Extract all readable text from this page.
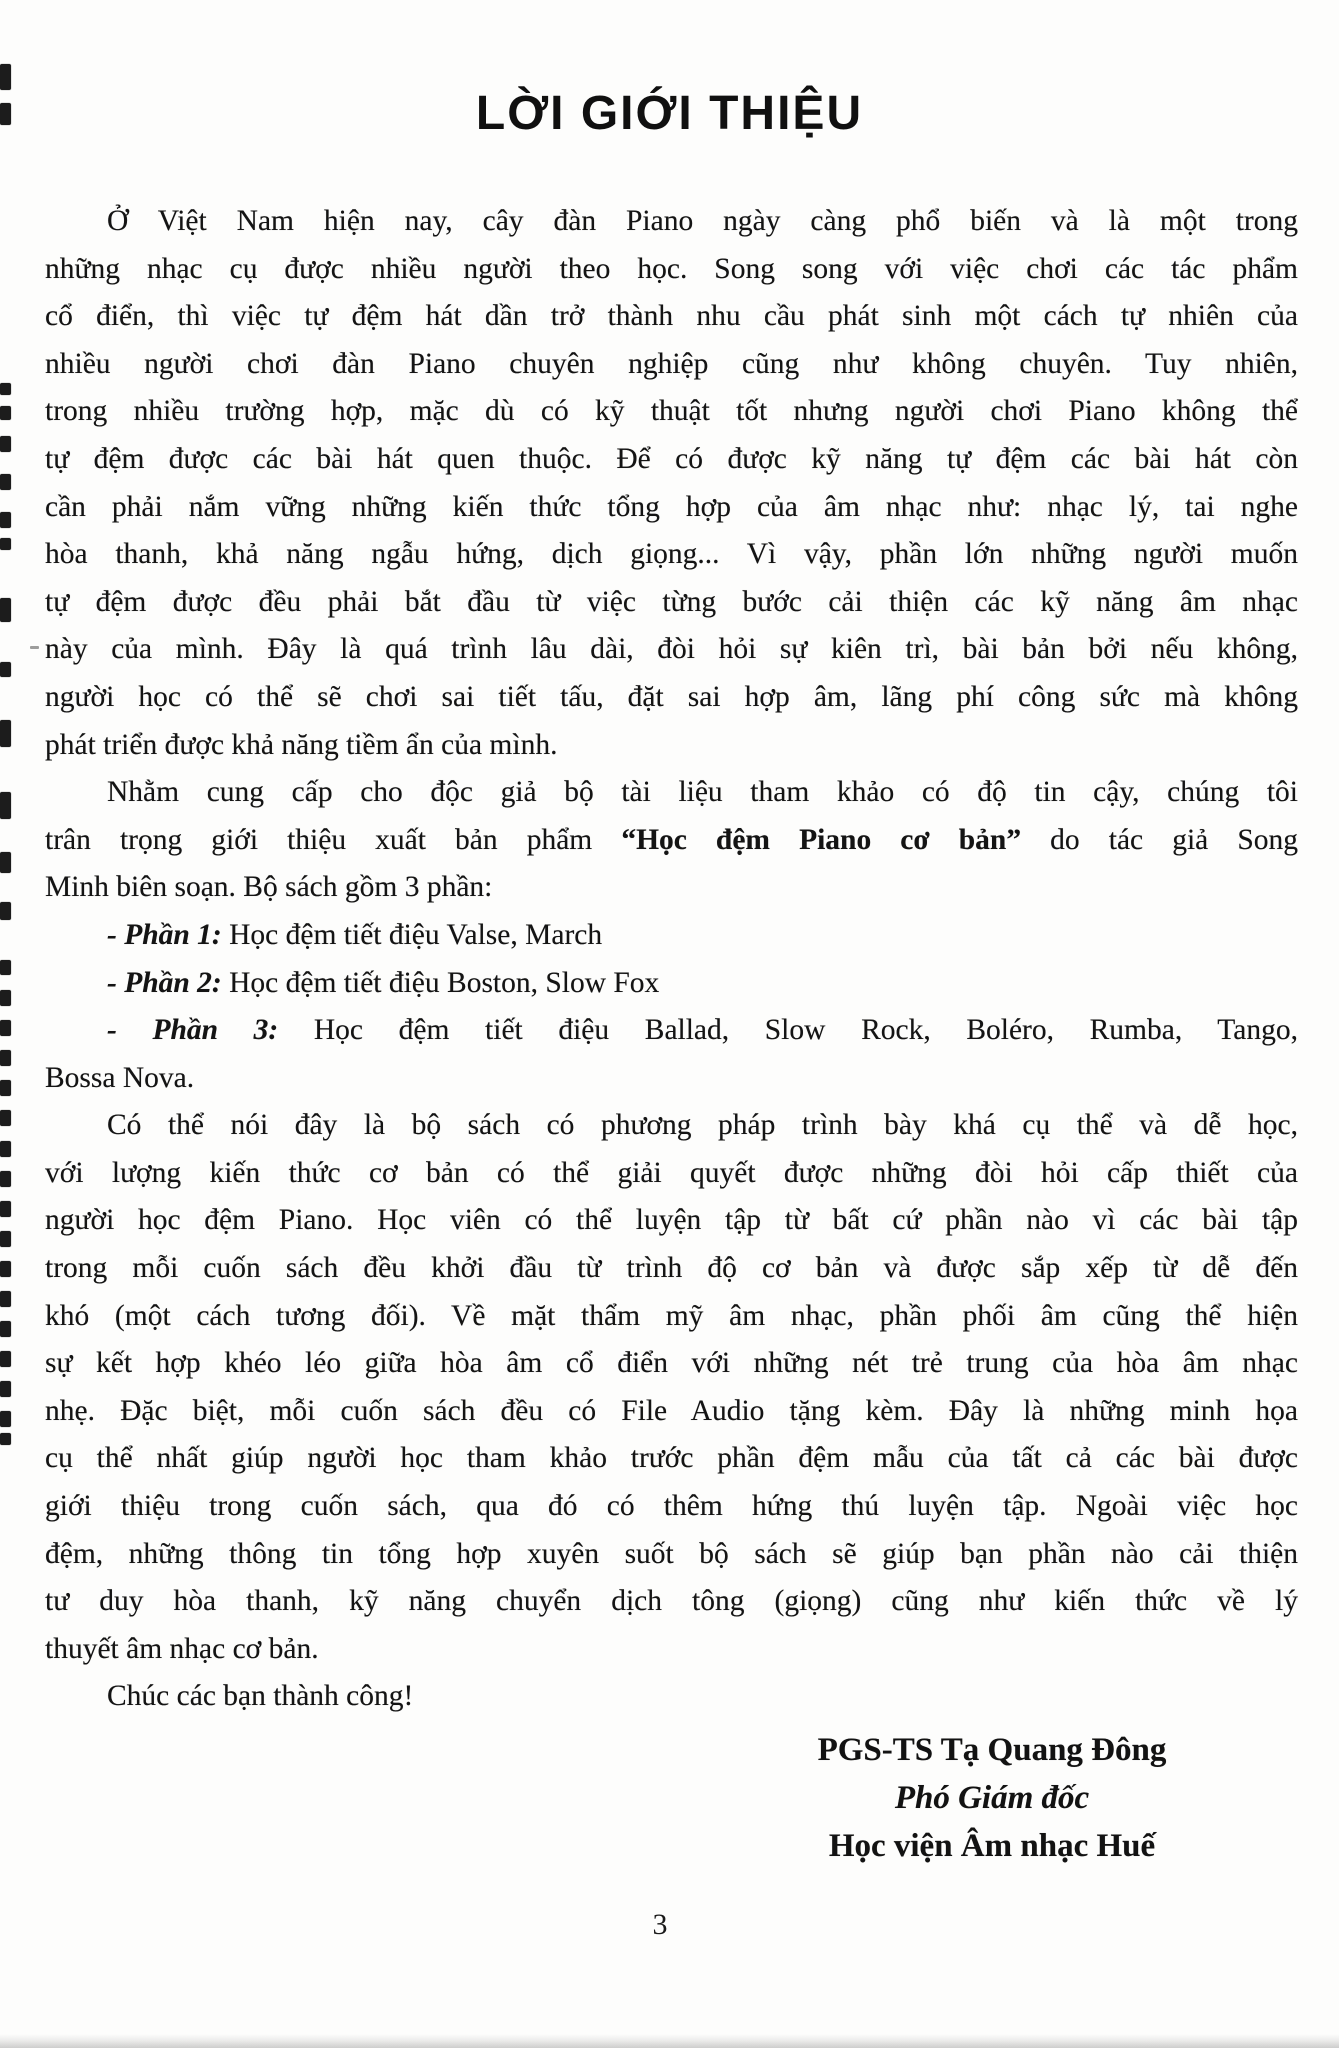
LỜI GIỚI THIỆU
Ở Việt Nam hiện nay, cây đàn Piano ngày càng phổ biến và là một trong
những nhạc cụ được nhiều người theo học. Song song với việc chơi các tác phẩm
cổ điển, thì việc tự đệm hát dần trở thành nhu cầu phát sinh một cách tự nhiên của
nhiều người chơi đàn Piano chuyên nghiệp cũng như không chuyên. Tuy nhiên,
trong nhiều trường hợp, mặc dù có kỹ thuật tốt nhưng người chơi Piano không thể
tự đệm được các bài hát quen thuộc. Để có được kỹ năng tự đệm các bài hát còn
cần phải nắm vững những kiến thức tổng hợp của âm nhạc như: nhạc lý, tai nghe
hòa thanh, khả năng ngẫu hứng, dịch giọng... Vì vậy, phần lớn những người muốn
tự đệm được đều phải bắt đầu từ việc từng bước cải thiện các kỹ năng âm nhạc
này của mình. Đây là quá trình lâu dài, đòi hỏi sự kiên trì, bài bản bởi nếu không,
người học có thể sẽ chơi sai tiết tấu, đặt sai hợp âm, lãng phí công sức mà không
phát triển được khả năng tiềm ẩn của mình.
Nhằm cung cấp cho độc giả bộ tài liệu tham khảo có độ tin cậy, chúng tôi
trân trọng giới thiệu xuất bản phẩm “Học đệm Piano cơ bản” do tác giả Song
Minh biên soạn. Bộ sách gồm 3 phần:
- Phần 1: Học đệm tiết điệu Valse, March
- Phần 2: Học đệm tiết điệu Boston, Slow Fox
- Phần 3: Học đệm tiết điệu Ballad, Slow Rock, Boléro, Rumba, Tango,
Bossa Nova.
Có thể nói đây là bộ sách có phương pháp trình bày khá cụ thể và dễ học,
với lượng kiến thức cơ bản có thể giải quyết được những đòi hỏi cấp thiết của
người học đệm Piano. Học viên có thể luyện tập từ bất cứ phần nào vì các bài tập
trong mỗi cuốn sách đều khởi đầu từ trình độ cơ bản và được sắp xếp từ dễ đến
khó (một cách tương đối). Về mặt thẩm mỹ âm nhạc, phần phối âm cũng thể hiện
sự kết hợp khéo léo giữa hòa âm cổ điển với những nét trẻ trung của hòa âm nhạc
nhẹ. Đặc biệt, mỗi cuốn sách đều có File Audio tặng kèm. Đây là những minh họa
cụ thể nhất giúp người học tham khảo trước phần đệm mẫu của tất cả các bài được
giới thiệu trong cuốn sách, qua đó có thêm hứng thú luyện tập. Ngoài việc học
đệm, những thông tin tổng hợp xuyên suốt bộ sách sẽ giúp bạn phần nào cải thiện
tư duy hòa thanh, kỹ năng chuyển dịch tông (giọng) cũng như kiến thức về lý
thuyết âm nhạc cơ bản.
Chúc các bạn thành công!
PGS-TS Tạ Quang Đông
Phó Giám đốc
Học viện Âm nhạc Huế
3
